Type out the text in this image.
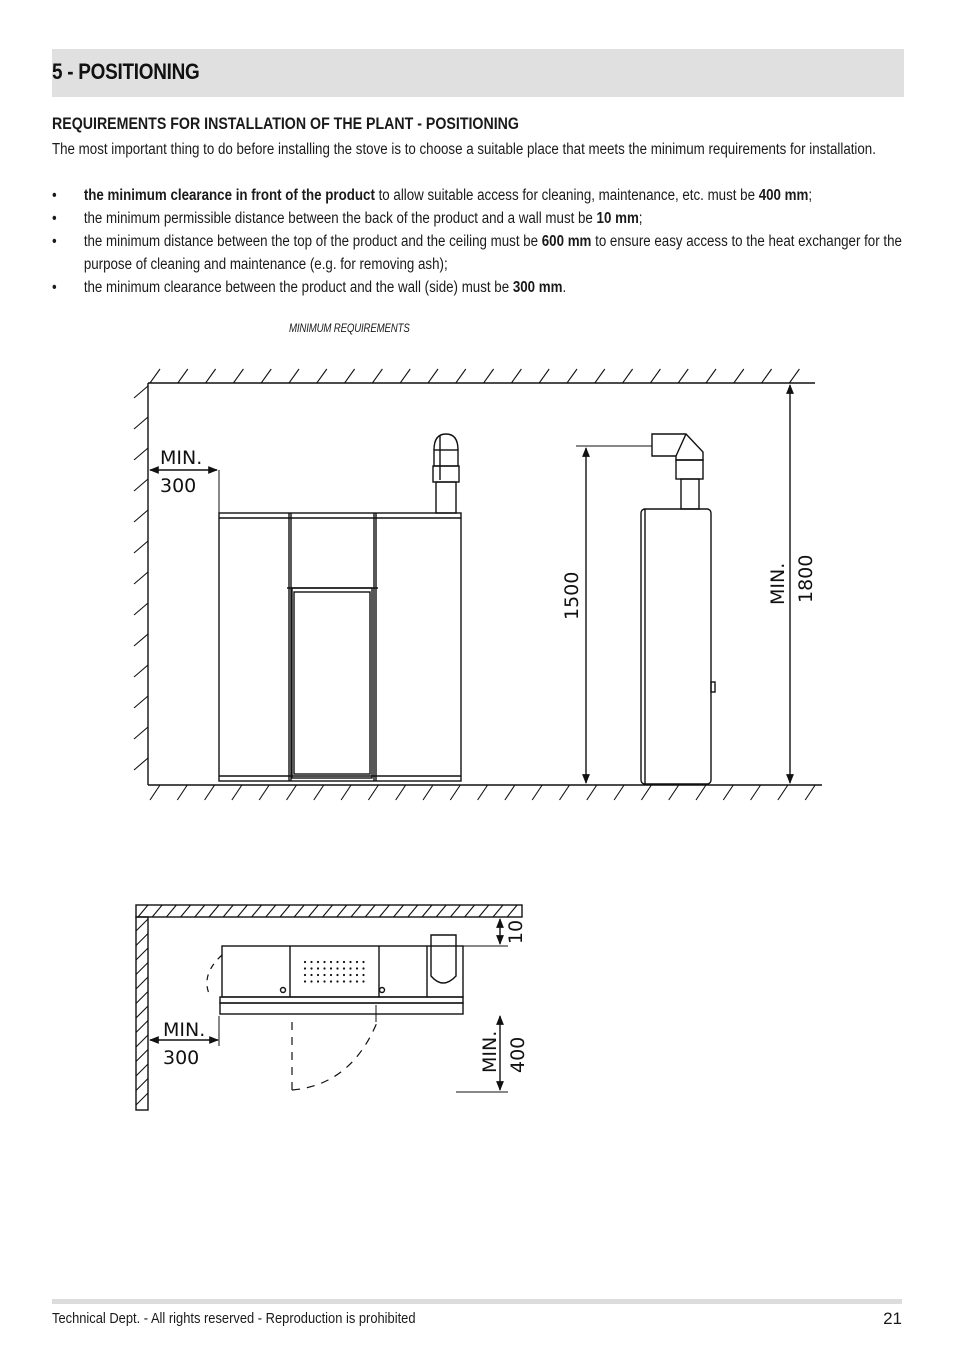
5 - POSITIONING
REQUIREMENTS FOR INSTALLATION OF THE PLANT - POSITIONING

The most important thing to do before installing the stove is to choose a suitable place that meets the minimum requirements for installation.

• the minimum clearance in front of the product to allow suitable access for cleaning, maintenance, etc. must be 400 mm;
• the minimum permissible distance between the back of the product and a wall must be 10 mm;
• the minimum distance between the top of the product and the ceiling must be 600 mm to ensure easy access to the heat exchanger for the purpose of cleaning and maintenance (e.g. for removing ash);
• the minimum clearance between the product and the wall (side) must be 300 mm.

MINIMUM REQUIREMENTS

MIN.
300
1500	MIN. 1800
10
MIN.
300	MIN. 400

Technical Dept. - All rights reserved - Reproduction is prohibited	21
